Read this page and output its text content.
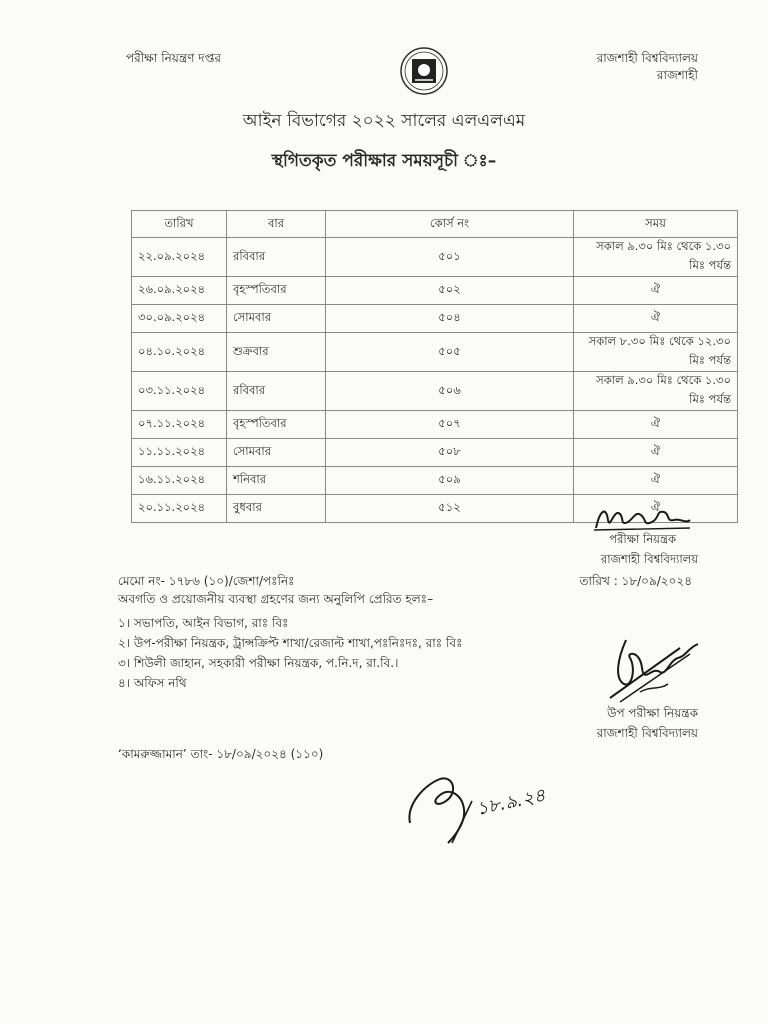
পরীক্ষা নিয়ন্ত্রণ দপ্তর	রাজশাহী বিশ্ববিদ্যালয়
রাজশাহী
আইন বিভাগের ২০২২ সালের এলএলএম
স্থগিতকৃত পরীক্ষার সময়সূচী ঃ–
তারিখ	বার	কোর্স নং	সময়
২২.০৯.২০২৪	রবিবার	৫০১	সকাল ৯.৩০ মিঃ থেকে ১.৩০ মিঃ পর্যন্ত
২৬.০৯.২০২৪	বৃহস্পতিবার	৫০২	ঐ
৩০.০৯.২০২৪	সোমবার	৫০৪	ঐ
০৪.১০.২০২৪	শুক্রবার	৫০৫	সকাল ৮.৩০ মিঃ থেকে ১২.৩০ মিঃ পর্যন্ত
০৩.১১.২০২৪	রবিবার	৫০৬	সকাল ৯.৩০ মিঃ থেকে ১.৩০ মিঃ পর্যন্ত
০৭.১১.২০২৪	বৃহস্পতিবার	৫০৭	ঐ
১১.১১.২০২৪	সোমবার	৫০৮	ঐ
১৬.১১.২০২৪	শনিবার	৫০৯	ঐ
২০.১১.২০২৪	বুধবার	৫১২	ঐ
পরীক্ষা নিয়ন্ত্রক
রাজশাহী বিশ্ববিদ্যালয়
মেমো নং- ১৭৮৬ (১০)/জেশা/পঃনিঃ	তারিখ : ১৮/০৯/২০২৪
অবগতি ও প্রয়োজনীয় ব্যবস্থা গ্রহণের জন্য অনুলিপি প্রেরিত হলঃ–
১। সভাপতি, আইন বিভাগ, রাঃ বিঃ
২। উপ-পরীক্ষা নিয়ন্ত্রক, ট্রান্সক্রিপ্ট শাখা/রেজাল্ট শাখা,পঃনিঃদঃ, রাঃ বিঃ
৩। শিউলী জাহান, সহকারী পরীক্ষা নিয়ন্ত্রক, প.নি.দ, রা.বি.।
৪। অফিস নথি
উপ পরীক্ষা নিয়ন্ত্রক
রাজশাহী বিশ্ববিদ্যালয়
‘কামরুজ্জামান’ তাং- ১৮/০৯/২০২৪ (১১০)
১৮.৯.২৪
